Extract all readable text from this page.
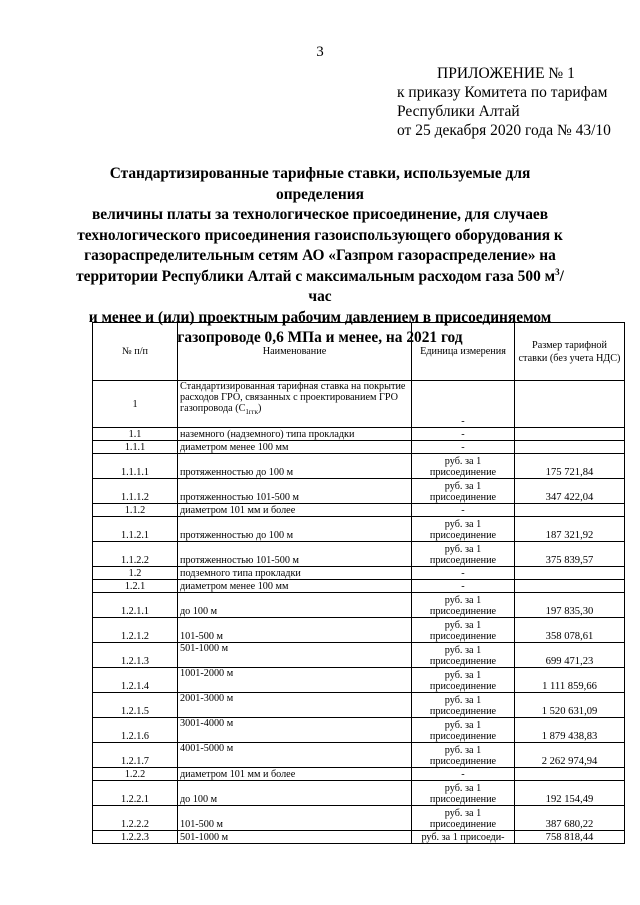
3
ПРИЛОЖЕНИЕ № 1
к приказу Комитета по тарифам
Республики Алтай
от 25 декабря 2020 года № 43/10
Стандартизированные тарифные ставки, используемые для определения
величины платы за технологическое присоединение, для случаев
технологического присоединения газоиспользующего оборудования к
газораспределительным сетям АО «Газпром газораспределение» на
территории Республики Алтай с максимальным расходом газа 500 $м^3$/час
и менее и (или) проектным рабочим давлением в присоединяемом
газопроводе 0,6 МПа и менее, на 2021 год
№ п/п	Наименование	Единица измерения	Размер тарифной ставки (без учета НДС)
1	Стандартизированная тарифная ставка на покрытие расходов ГРО, связанных с проектированием ГРО газопровода $(C_{1ггк})$	-	
1.1	наземного (надземного) типа прокладки	-	
1.1.1	диаметром менее 100 мм	-	
1.1.1.1	протяженностью до 100 м	руб. за 1 присоединение	175 721,84
1.1.1.2	протяженностью 101-500 м	руб. за 1 присоединение	347 422,04
1.1.2	диаметром 101 мм и более	-	
1.1.2.1	протяженностью до 100 м	руб. за 1 присоединение	187 321,92
1.1.2.2	протяженностью 101-500 м	руб. за 1 присоединение	375 839,57
1.2	подземного типа прокладки	-	
1.2.1	диаметром менее 100 мм	-	
1.2.1.1	до 100 м	руб. за 1 присоединение	197 835,30
1.2.1.2	101-500 м	руб. за 1 присоединение	358 078,61
1.2.1.3	501-1000 м	руб. за 1 присоединение	699 471,23
1.2.1.4	1001-2000 м	руб. за 1 присоединение	1 111 859,66
1.2.1.5	2001-3000 м	руб. за 1 присоединение	1 520 631,09
1.2.1.6	3001-4000 м	руб. за 1 присоединение	1 879 438,83
1.2.1.7	4001-5000 м	руб. за 1 присоединение	2 262 974,94
1.2.2	диаметром 101 мм и более	-	
1.2.2.1	до 100 м	руб. за 1 присоединение	192 154,49
1.2.2.2	101-500 м	руб. за 1 присоединение	387 680,22
1.2.2.3	501-1000 м	руб. за 1 присоеди-	758 818,44
